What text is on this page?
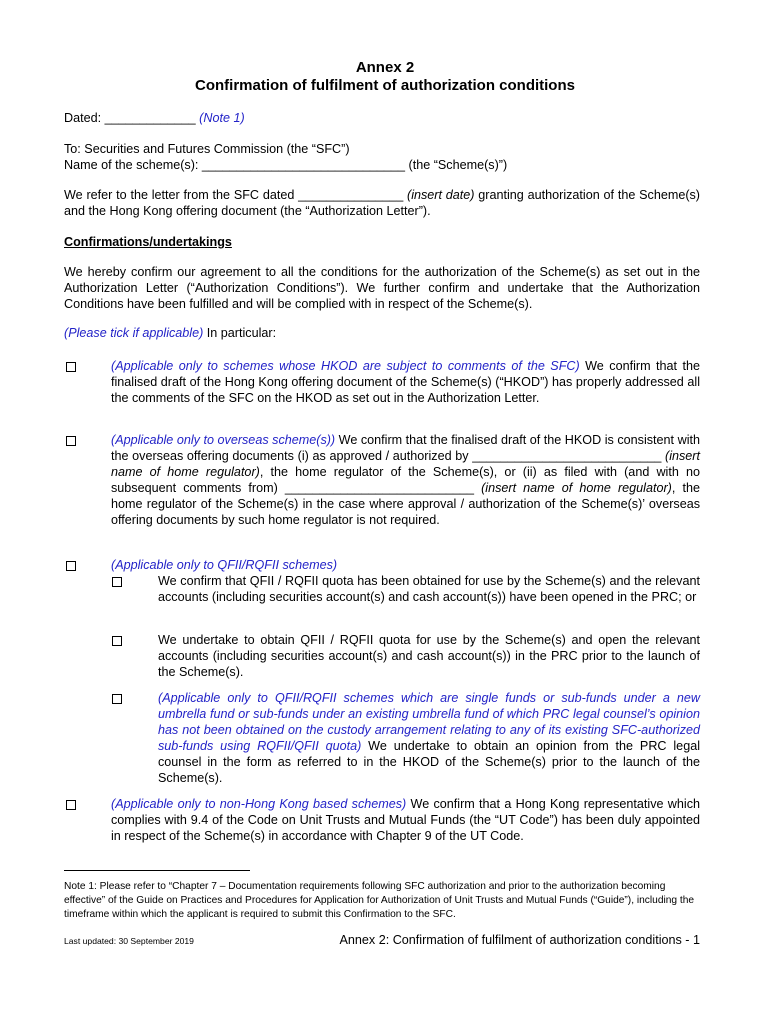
Annex 2
Confirmation of fulfilment of authorization conditions
Dated: _____________ (Note 1)
To: Securities and Futures Commission (the “SFC”)
Name of the scheme(s): _____________________________ (the “Scheme(s)”)
We refer to the letter from the SFC dated _______________ (insert date) granting authorization of the Scheme(s) and the Hong Kong offering document (the “Authorization Letter”).
Confirmations/undertakings
We hereby confirm our agreement to all the conditions for the authorization of the Scheme(s) as set out in the Authorization Letter (“Authorization Conditions”). We further confirm and undertake that the Authorization Conditions have been fulfilled and will be complied with in respect of the Scheme(s).
(Please tick if applicable) In particular:
(Applicable only to schemes whose HKOD are subject to comments of the SFC) We confirm that the finalised draft of the Hong Kong offering document of the Scheme(s) (“HKOD”) has properly addressed all the comments of the SFC on the HKOD as set out in the Authorization Letter.
(Applicable only to overseas scheme(s)) We confirm that the finalised draft of the HKOD is consistent with the overseas offering documents (i) as approved / authorized by ___________________________ (insert name of home regulator), the home regulator of the Scheme(s), or (ii) as filed with (and with no subsequent comments from) ___________________________ (insert name of home regulator), the home regulator of the Scheme(s) in the case where approval / authorization of the Scheme(s)’ overseas offering documents by such home regulator is not required.
(Applicable only to QFII/RQFII schemes)
We confirm that QFII / RQFII quota has been obtained for use by the Scheme(s) and the relevant accounts (including securities account(s) and cash account(s)) have been opened in the PRC; or
We undertake to obtain QFII / RQFII quota for use by the Scheme(s) and open the relevant accounts (including securities account(s) and cash account(s)) in the PRC prior to the launch of the Scheme(s).
(Applicable only to QFII/RQFII schemes which are single funds or sub-funds under a new umbrella fund or sub-funds under an existing umbrella fund of which PRC legal counsel’s opinion has not been obtained on the custody arrangement relating to any of its existing SFC-authorized sub-funds using RQFII/QFII quota) We undertake to obtain an opinion from the PRC legal counsel in the form as referred to in the HKOD of the Scheme(s) prior to the launch of the Scheme(s).
(Applicable only to non-Hong Kong based schemes) We confirm that a Hong Kong representative which complies with 9.4 of the Code on Unit Trusts and Mutual Funds (the “UT Code”) has been duly appointed in respect of the Scheme(s) in accordance with Chapter 9 of the UT Code.
Note 1: Please refer to “Chapter 7 – Documentation requirements following SFC authorization and prior to the authorization becoming effective” of the Guide on Practices and Procedures for Application for Authorization of Unit Trusts and Mutual Funds (“Guide”), including the timeframe within which the applicant is required to submit this Confirmation to the SFC.
Last updated: 30 September 2019	Annex 2: Confirmation of fulfilment of authorization conditions - 1
